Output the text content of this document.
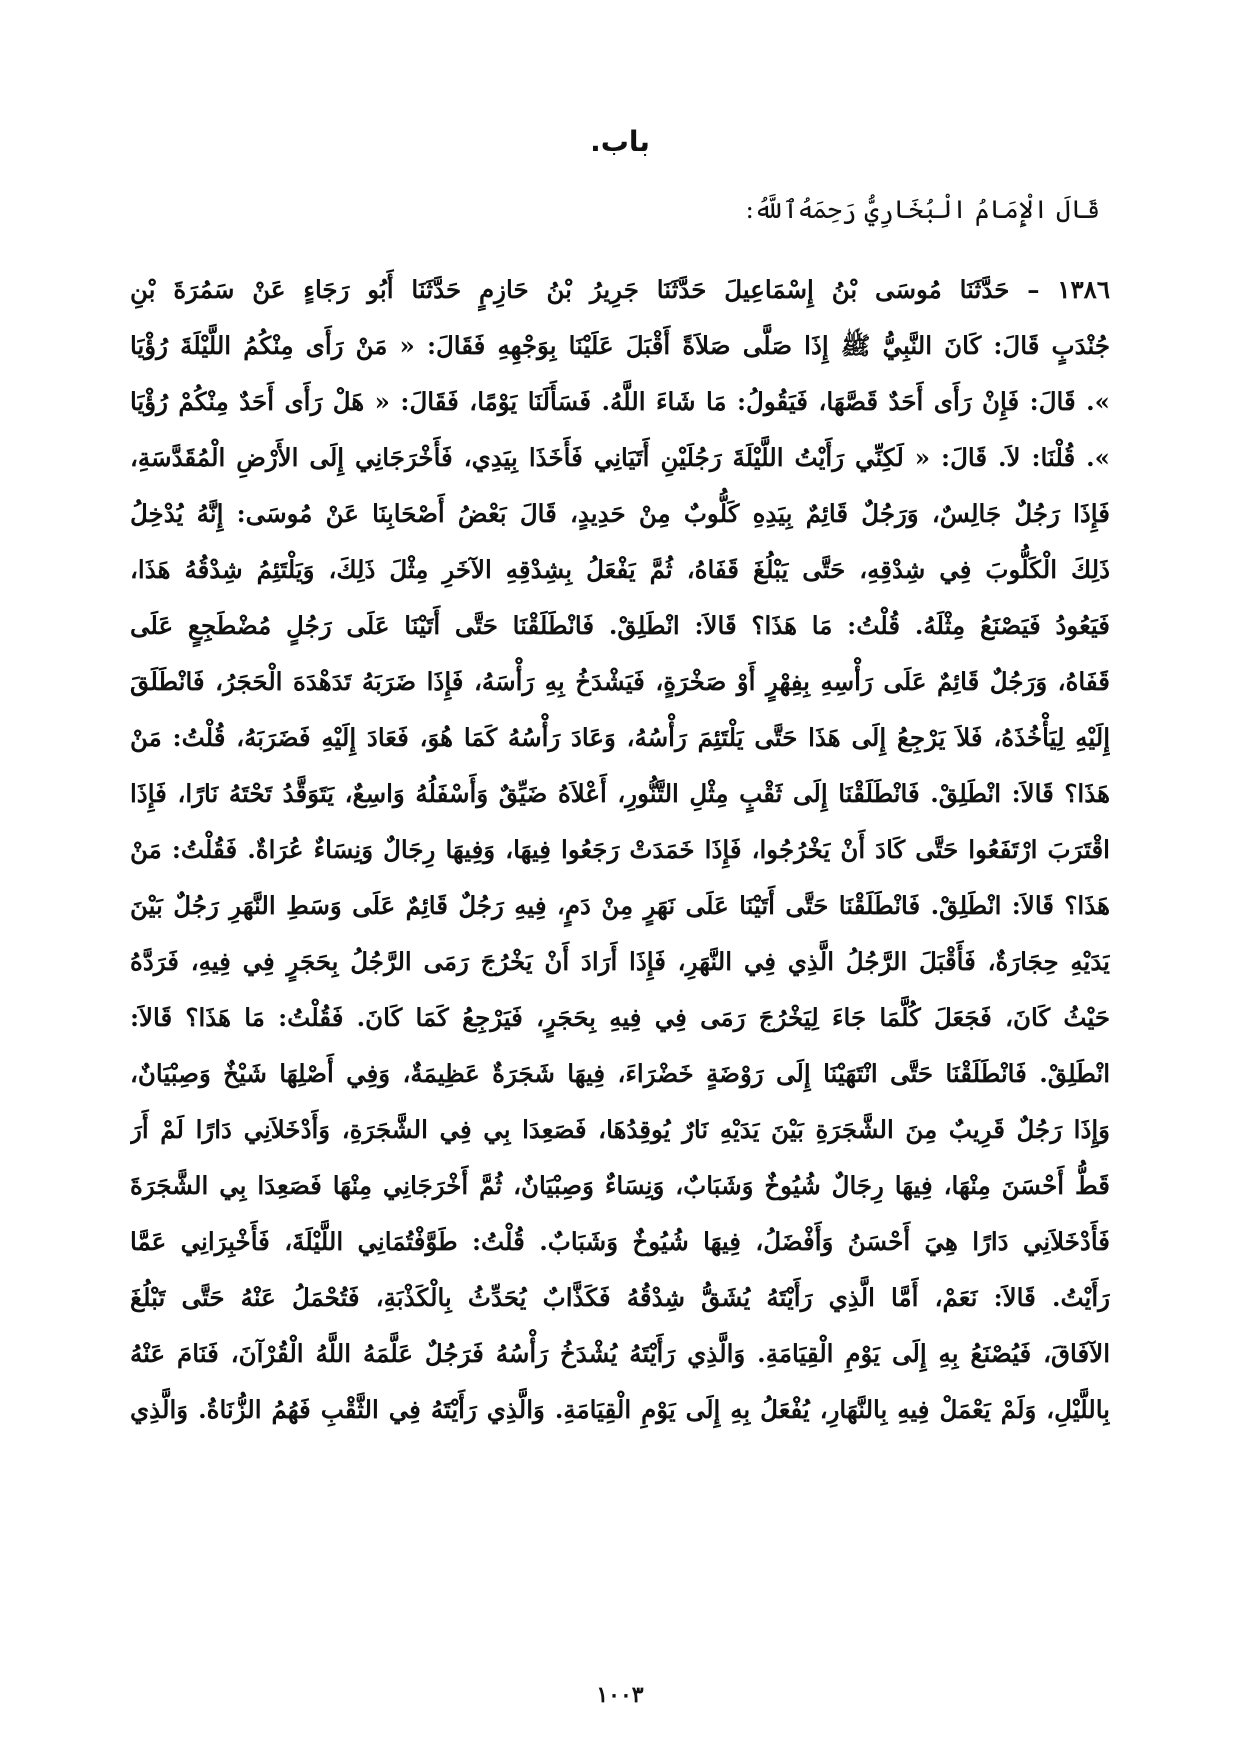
باب.
قَالَ الْإِمَامُ الْبُخَارِيُّ رَحِمَهُ‌ٱللَّهُ:
١٣٨٦ – حَدَّثَنَا مُوسَى بْنُ إِسْمَاعِيلَ حَدَّثَنَا جَرِيرُ بْنُ حَازِمٍ حَدَّثَنَا أَبُو رَجَاءٍ عَنْ سَمُرَةَ بْنِ
جُنْدَبٍ قَالَ: كَانَ النَّبِيُّ ﷺ إِذَا صَلَّى صَلاَةً أَقْبَلَ عَلَيْنَا بِوَجْهِهِ فَقَالَ: « مَنْ رَأَى مِنْكُمُ اللَّيْلَةَ رُؤْيَا
». قَالَ: فَإِنْ رَأَى أَحَدٌ قَصَّهَا، فَيَقُولُ: مَا شَاءَ اللَّهُ. فَسَأَلَنَا يَوْمًا، فَقَالَ: « هَلْ رَأَى أَحَدٌ مِنْكُمْ رُؤْيَا
». قُلْنَا: لاَ. قَالَ: « لَكِنِّي رَأَيْتُ اللَّيْلَةَ رَجُلَيْنِ أَتَيَانِي فَأَخَذَا بِيَدِي، فَأَخْرَجَانِي إِلَى الأَرْضِ الْمُقَدَّسَةِ،
فَإِذَا رَجُلٌ جَالِسٌ، وَرَجُلٌ قَائِمٌ بِيَدِهِ كَلُّوبٌ مِنْ حَدِيدٍ، قَالَ بَعْضُ أَصْحَابِنَا عَنْ مُوسَى: إِنَّهُ يُدْخِلُ
ذَلِكَ الْكَلُّوبَ فِي شِدْقِهِ، حَتَّى يَبْلُغَ قَفَاهُ، ثُمَّ يَفْعَلُ بِشِدْقِهِ الآخَرِ مِثْلَ ذَلِكَ، وَيَلْتَئِمُ شِدْقُهُ هَذَا،
فَيَعُودُ فَيَصْنَعُ مِثْلَهُ. قُلْتُ: مَا هَذَا؟ قَالاَ: انْطَلِقْ. فَانْطَلَقْنَا حَتَّى أَتَيْنَا عَلَى رَجُلٍ مُضْطَجِعٍ عَلَى
قَفَاهُ، وَرَجُلٌ قَائِمٌ عَلَى رَأْسِهِ بِفِهْرٍ أَوْ صَخْرَةٍ، فَيَشْدَخُ بِهِ رَأْسَهُ، فَإِذَا ضَرَبَهُ تَدَهْدَهَ الْحَجَرُ، فَانْطَلَقَ
إِلَيْهِ لِيَأْخُذَهُ، فَلاَ يَرْجِعُ إِلَى هَذَا حَتَّى يَلْتَئِمَ رَأْسُهُ، وَعَادَ رَأْسُهُ كَمَا هُوَ، فَعَادَ إِلَيْهِ فَضَرَبَهُ، قُلْتُ: مَنْ
هَذَا؟ قَالاَ: انْطَلِقْ. فَانْطَلَقْنَا إِلَى ثَقْبٍ مِثْلِ التَّنُّورِ، أَعْلاَهُ ضَيِّقٌ وَأَسْفَلُهُ وَاسِعٌ، يَتَوَقَّدُ تَحْتَهُ نَارًا، فَإِذَا
اقْتَرَبَ ارْتَفَعُوا حَتَّى كَادَ أَنْ يَخْرُجُوا، فَإِذَا خَمَدَتْ رَجَعُوا فِيهَا، وَفِيهَا رِجَالٌ وَنِسَاءٌ عُرَاةٌ. فَقُلْتُ: مَنْ
هَذَا؟ قَالاَ: انْطَلِقْ. فَانْطَلَقْنَا حَتَّى أَتَيْنَا عَلَى نَهَرٍ مِنْ دَمٍ، فِيهِ رَجُلٌ قَائِمٌ عَلَى وَسَطِ النَّهَرِ رَجُلٌ بَيْنَ
يَدَيْهِ حِجَارَةٌ، فَأَقْبَلَ الرَّجُلُ الَّذِي فِي النَّهَرِ، فَإِذَا أَرَادَ أَنْ يَخْرُجَ رَمَى الرَّجُلُ بِحَجَرٍ فِي فِيهِ، فَرَدَّهُ
حَيْثُ كَانَ، فَجَعَلَ كُلَّمَا جَاءَ لِيَخْرُجَ رَمَى فِي فِيهِ بِحَجَرٍ، فَيَرْجِعُ كَمَا كَانَ. فَقُلْتُ: مَا هَذَا؟ قَالاَ:
انْطَلِقْ. فَانْطَلَقْنَا حَتَّى انْتَهَيْنَا إِلَى رَوْضَةٍ خَضْرَاءَ، فِيهَا شَجَرَةٌ عَظِيمَةٌ، وَفِي أَصْلِهَا شَيْخٌ وَصِبْيَانٌ،
وَإِذَا رَجُلٌ قَرِيبٌ مِنَ الشَّجَرَةِ بَيْنَ يَدَيْهِ نَارٌ يُوقِدُهَا، فَصَعِدَا بِي فِي الشَّجَرَةِ، وَأَدْخَلاَنِي دَارًا لَمْ أَرَ
قَطُّ أَحْسَنَ مِنْهَا، فِيهَا رِجَالٌ شُيُوخٌ وَشَبَابٌ، وَنِسَاءٌ وَصِبْيَانٌ، ثُمَّ أَخْرَجَانِي مِنْهَا فَصَعِدَا بِي الشَّجَرَةَ
فَأَدْخَلاَنِي دَارًا هِيَ أَحْسَنُ وَأَفْضَلُ، فِيهَا شُيُوخٌ وَشَبَابٌ. قُلْتُ: طَوَّفْتُمَانِي اللَّيْلَةَ، فَأَخْبِرَانِي عَمَّا
رَأَيْتُ. قَالاَ: نَعَمْ، أَمَّا الَّذِي رَأَيْتَهُ يُشَقُّ شِدْقُهُ فَكَذَّابٌ يُحَدِّثُ بِالْكَذْبَةِ، فَتُحْمَلُ عَنْهُ حَتَّى تَبْلُغَ
الآفَاقَ، فَيُصْنَعُ بِهِ إِلَى يَوْمِ الْقِيَامَةِ. وَالَّذِي رَأَيْتَهُ يُشْدَخُ رَأْسُهُ فَرَجُلٌ عَلَّمَهُ اللَّهُ الْقُرْآنَ، فَنَامَ عَنْهُ
بِاللَّيْلِ، وَلَمْ يَعْمَلْ فِيهِ بِالنَّهَارِ، يُفْعَلُ بِهِ إِلَى يَوْمِ الْقِيَامَةِ. وَالَّذِي رَأَيْتَهُ فِي الثَّقْبِ فَهُمُ الزُّنَاةُ. وَالَّذِي
١٠٠٣
